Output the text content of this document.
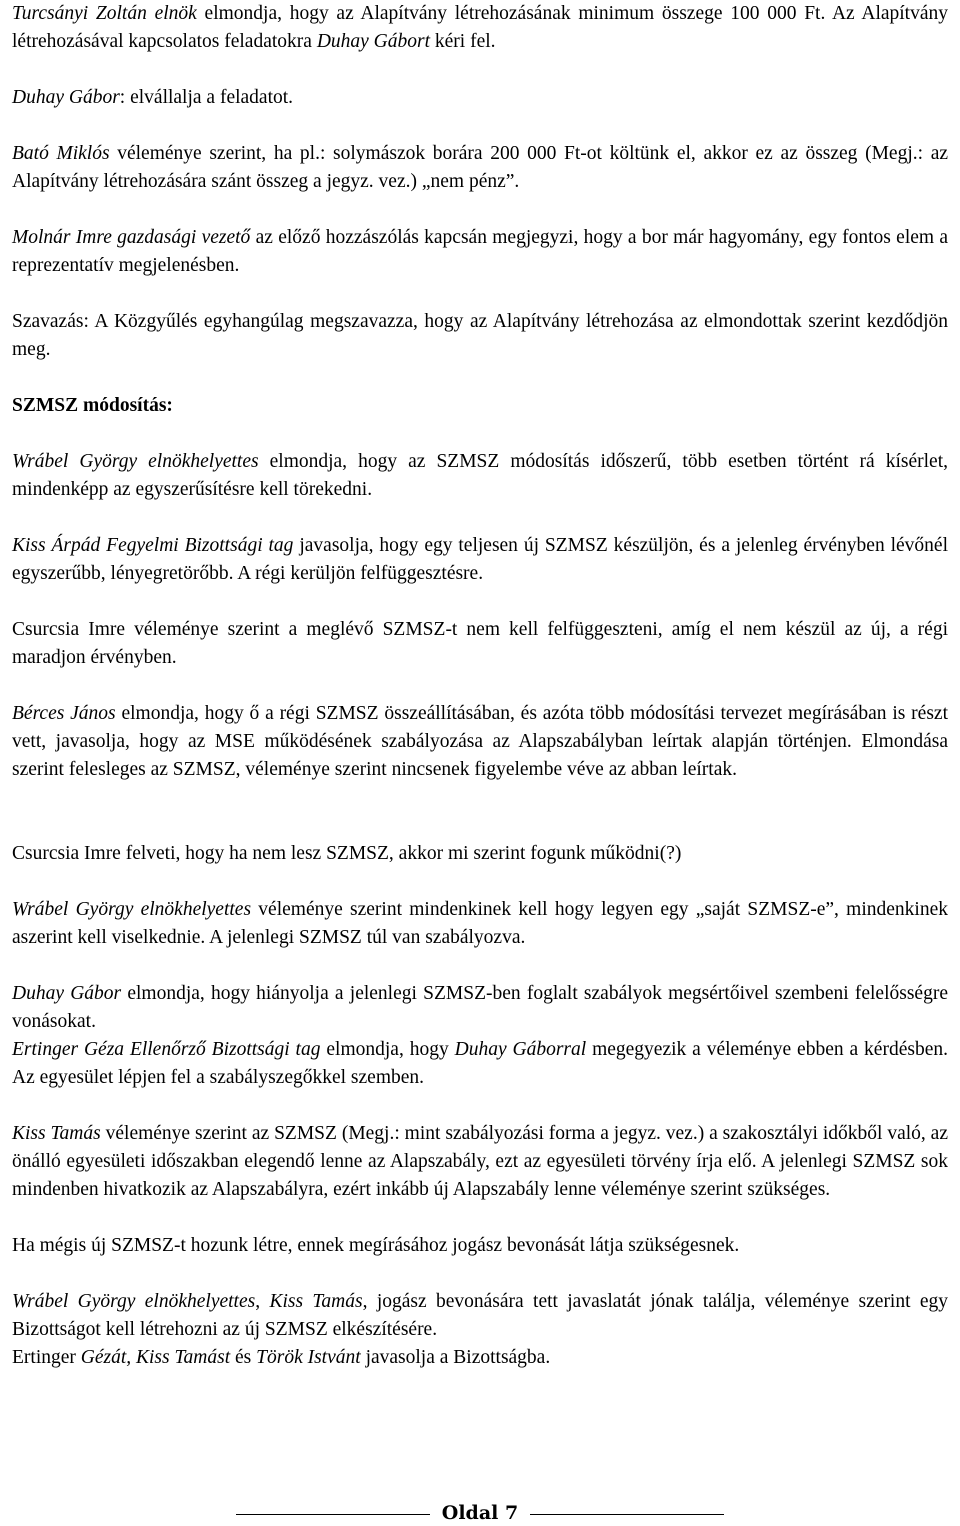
Turcsányi Zoltán elnök elmondja, hogy az Alapítvány létrehozásának minimum összege 100 000 Ft. Az Alapítvány létrehozásával kapcsolatos feladatokra Duhay Gábort kéri fel.

Duhay Gábor: elvállalja a feladatot.

Bató Miklós véleménye szerint, ha pl.: solymászok borára 200 000 Ft-ot költünk el, akkor ez az összeg (Megj.: az Alapítvány létrehozására szánt összeg a jegyz. vez.) „nem pénz”.

Molnár Imre gazdasági vezető az előző hozzászólás kapcsán megjegyzi, hogy a bor már hagyomány, egy fontos elem a reprezentatív megjelenésben.

Szavazás: A Közgyűlés egyhangúlag megszavazza, hogy az Alapítvány létrehozása az elmondottak szerint kezdődjön meg.

SZMSZ módosítás:

Wrábel György elnökhelyettes elmondja, hogy az SZMSZ módosítás időszerű, több esetben történt rá kísérlet, mindenképp az egyszerűsítésre kell törekedni.

Kiss Árpád Fegyelmi Bizottsági tag javasolja, hogy egy teljesen új SZMSZ készüljön, és a jelenleg érvényben lévőnél egyszerűbb, lényegretörőbb. A régi kerüljön felfüggesztésre.

Csurcsia Imre véleménye szerint a meglévő SZMSZ-t nem kell felfüggeszteni, amíg el nem készül az új, a régi maradjon érvényben.

Bérces János elmondja, hogy ő a régi SZMSZ összeállításában, és azóta több módosítási tervezet megírásában is részt vett, javasolja, hogy az MSE működésének szabályozása az Alapszabályban leírtak alapján történjen. Elmondása szerint felesleges az SZMSZ, véleménye szerint nincsenek figyelembe véve az abban leírtak.

Csurcsia Imre felveti, hogy ha nem lesz SZMSZ, akkor mi szerint fogunk működni(?)

Wrábel György elnökhelyettes véleménye szerint mindenkinek kell hogy legyen egy „saját SZMSZ-e”, mindenkinek aszerint kell viselkednie. A jelenlegi SZMSZ túl van szabályozva.

Duhay Gábor elmondja, hogy hiányolja a jelenlegi SZMSZ-ben foglalt szabályok megsértőivel szembeni felelősségre vonásokat.

Ertinger Géza Ellenőrző Bizottsági tag elmondja, hogy Duhay Gáborral megegyezik a véleménye ebben a kérdésben. Az egyesület lépjen fel a szabályszegőkkel szemben.

Kiss Tamás véleménye szerint az SZMSZ (Megj.: mint szabályozási forma a jegyz. vez.) a szakosztályi időkből való, az önálló egyesületi időszakban elegendő lenne az Alapszabály, ezt az egyesületi törvény írja elő. A jelenlegi SZMSZ sok mindenben hivatkozik az Alapszabályra, ezért inkább új Alapszabály lenne véleménye szerint szükséges.

Ha mégis új SZMSZ-t hozunk létre, ennek megírásához jogász bevonását látja szükségesnek.

Wrábel György elnökhelyettes, Kiss Tamás, jogász bevonására tett javaslatát jónak találja, véleménye szerint egy Bizottságot kell létrehozni az új SZMSZ elkészítésére.

Ertinger Gézát, Kiss Tamást és Török Istvánt javasolja a Bizottságba.

Oldal 7
